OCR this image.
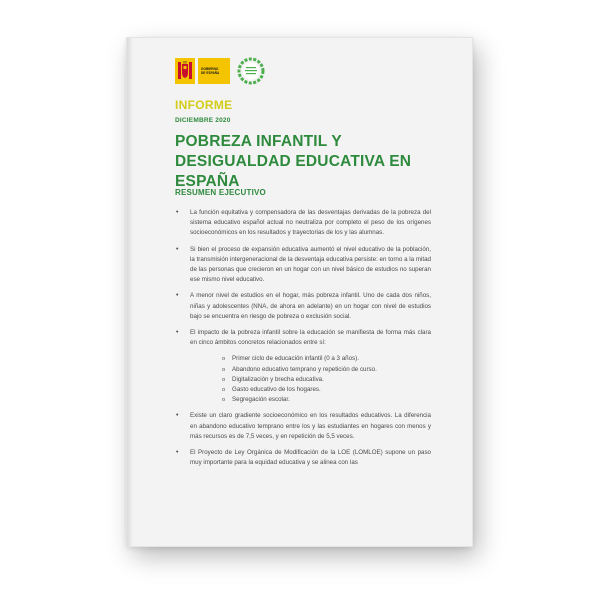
GOBIERNO
DE ESPAÑA
INFORME
DICIEMBRE 2020
POBREZA INFANTIL Y DESIGUALDAD EDUCATIVA EN ESPAÑA
RESUMEN EJECUTIVO
• La función equitativa y compensadora de las desventajas derivadas de la pobreza del sistema educativo español actual no neutraliza por completo el peso de los orígenes socioeconómicos en los resultados y trayectorias de los y las alumnas.
• Si bien el proceso de expansión educativa aumentó el nivel educativo de la población, la transmisión intergeneracional de la desventaja educativa persiste: en torno a la mitad de las personas que crecieron en un hogar con un nivel básico de estudios no superan ese mismo nivel educativo.
• A menor nivel de estudios en el hogar, más pobreza infantil. Uno de cada dos niños, niñas y adolescentes (NNA, de ahora en adelante) en un hogar con nivel de estudios bajo se encuentra en riesgo de pobreza o exclusión social.
• El impacto de la pobreza infantil sobre la educación se manifiesta de forma más clara en cinco ámbitos concretos relacionados entre sí:
o Primer ciclo de educación infantil (0 a 3 años).
o Abandono educativo temprano y repetición de curso.
o Digitalización y brecha educativa.
o Gasto educativo de los hogares.
o Segregación escolar.
• Existe un claro gradiente socioeconómico en los resultados educativos. La diferencia en abandono educativo temprano entre los y las estudiantes en hogares con menos y más recursos es de 7,5 veces, y en repetición de 5,5 veces.
• El Proyecto de Ley Orgánica de Modificación de la LOE (LOMLOE) supone un paso muy importante para la equidad educativa y se alinea con las
